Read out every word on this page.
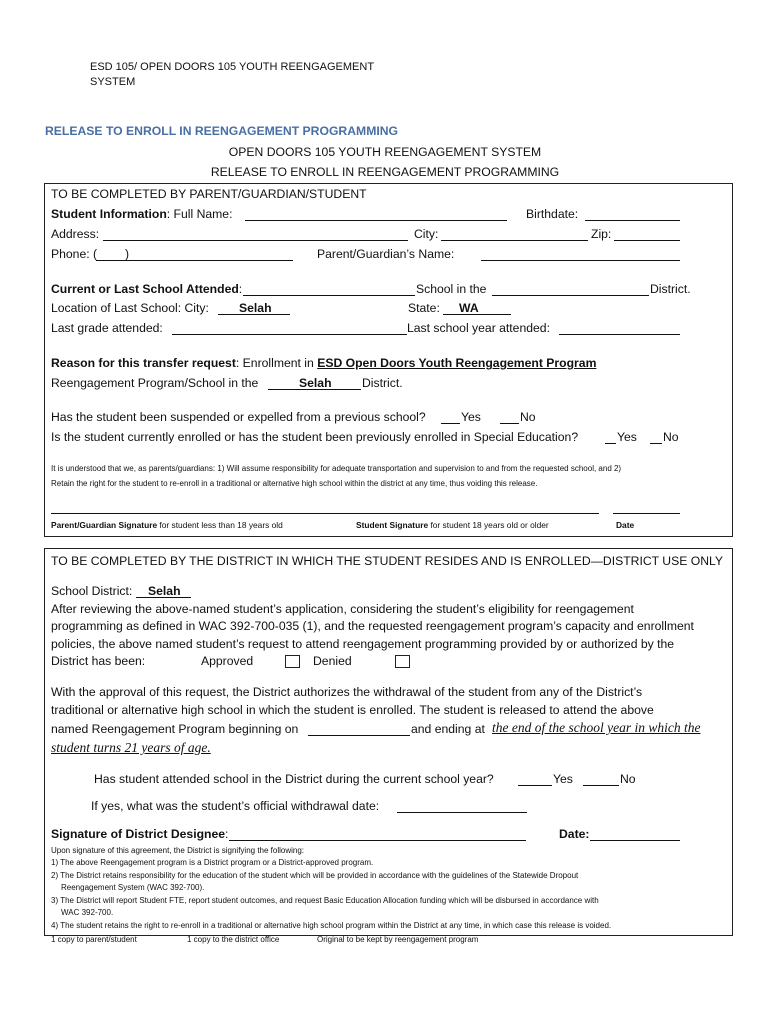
ESD 105/ OPEN DOORS 105 YOUTH REENGAGEMENT
SYSTEM
RELEASE TO ENROLL IN REENGAGEMENT PROGRAMMING
OPEN DOORS 105 YOUTH REENGAGEMENT SYSTEM
RELEASE TO ENROLL IN REENGAGEMENT PROGRAMMING
TO BE COMPLETED BY PARENT/GUARDIAN/STUDENT
Student Information: Full Name:	Birthdate:
Address:	City:	Zip:
Phone: ( )	Parent/Guardian’s Name:
Current or Last School Attended:	School in the	District.
Location of Last School: City: Selah	State: WA
Last grade attended:	Last school year attended:
Reason for this transfer request: Enrollment in ESD Open Doors Youth Reengagement Program
Reengagement Program/School in the	Selah District.
Has the student been suspended or expelled from a previous school?	Yes	No
Is the student currently enrolled or has the student been previously enrolled in Special Education?	Yes No
It is understood that we, as parents/guardians: 1) Will assume responsibility for adequate transportation and supervision to and from the requested school, and 2)
Retain the right for the student to re-enroll in a traditional or alternative high school within the district at any time, thus voiding this release.
Parent/Guardian Signature for student less than 18 years old	Student Signature for student 18 years old or older	Date
TO BE COMPLETED BY THE DISTRICT IN WHICH THE STUDENT RESIDES AND IS ENROLLED—DISTRICT USE ONLY
School District: Selah
After reviewing the above-named student’s application, considering the student’s eligibility for reengagement
programming as defined in WAC 392-700-035 (1), and the requested reengagement program’s capacity and enrollment
policies, the above named student’s request to attend reengagement programming provided by or authorized by the
District has been:	Approved	Denied
With the approval of this request, the District authorizes the withdrawal of the student from any of the District’s
traditional or alternative high school in which the student is enrolled. The student is released to attend the above
named Reengagement Program beginning on	and ending at the end of the school year in which the
student turns 21 years of age.
Has student attended school in the District during the current school year?	Yes	No
If yes, what was the student’s official withdrawal date:
Signature of District Designee:	Date:
Upon signature of this agreement, the District is signifying the following:
1) The above Reengagement program is a District program or a District-approved program.
2) The District retains responsibility for the education of the student which will be provided in accordance with the guidelines of the Statewide Dropout
Reengagement System (WAC 392-700).
3) The District will report Student FTE, report student outcomes, and request Basic Education Allocation funding which will be disbursed in accordance with
WAC 392-700.
4) The student retains the right to re-enroll in a traditional or alternative high school program within the District at any time, in which case this release is voided.
1 copy to parent/student	1 copy to the district office	Original to be kept by reengagement program
